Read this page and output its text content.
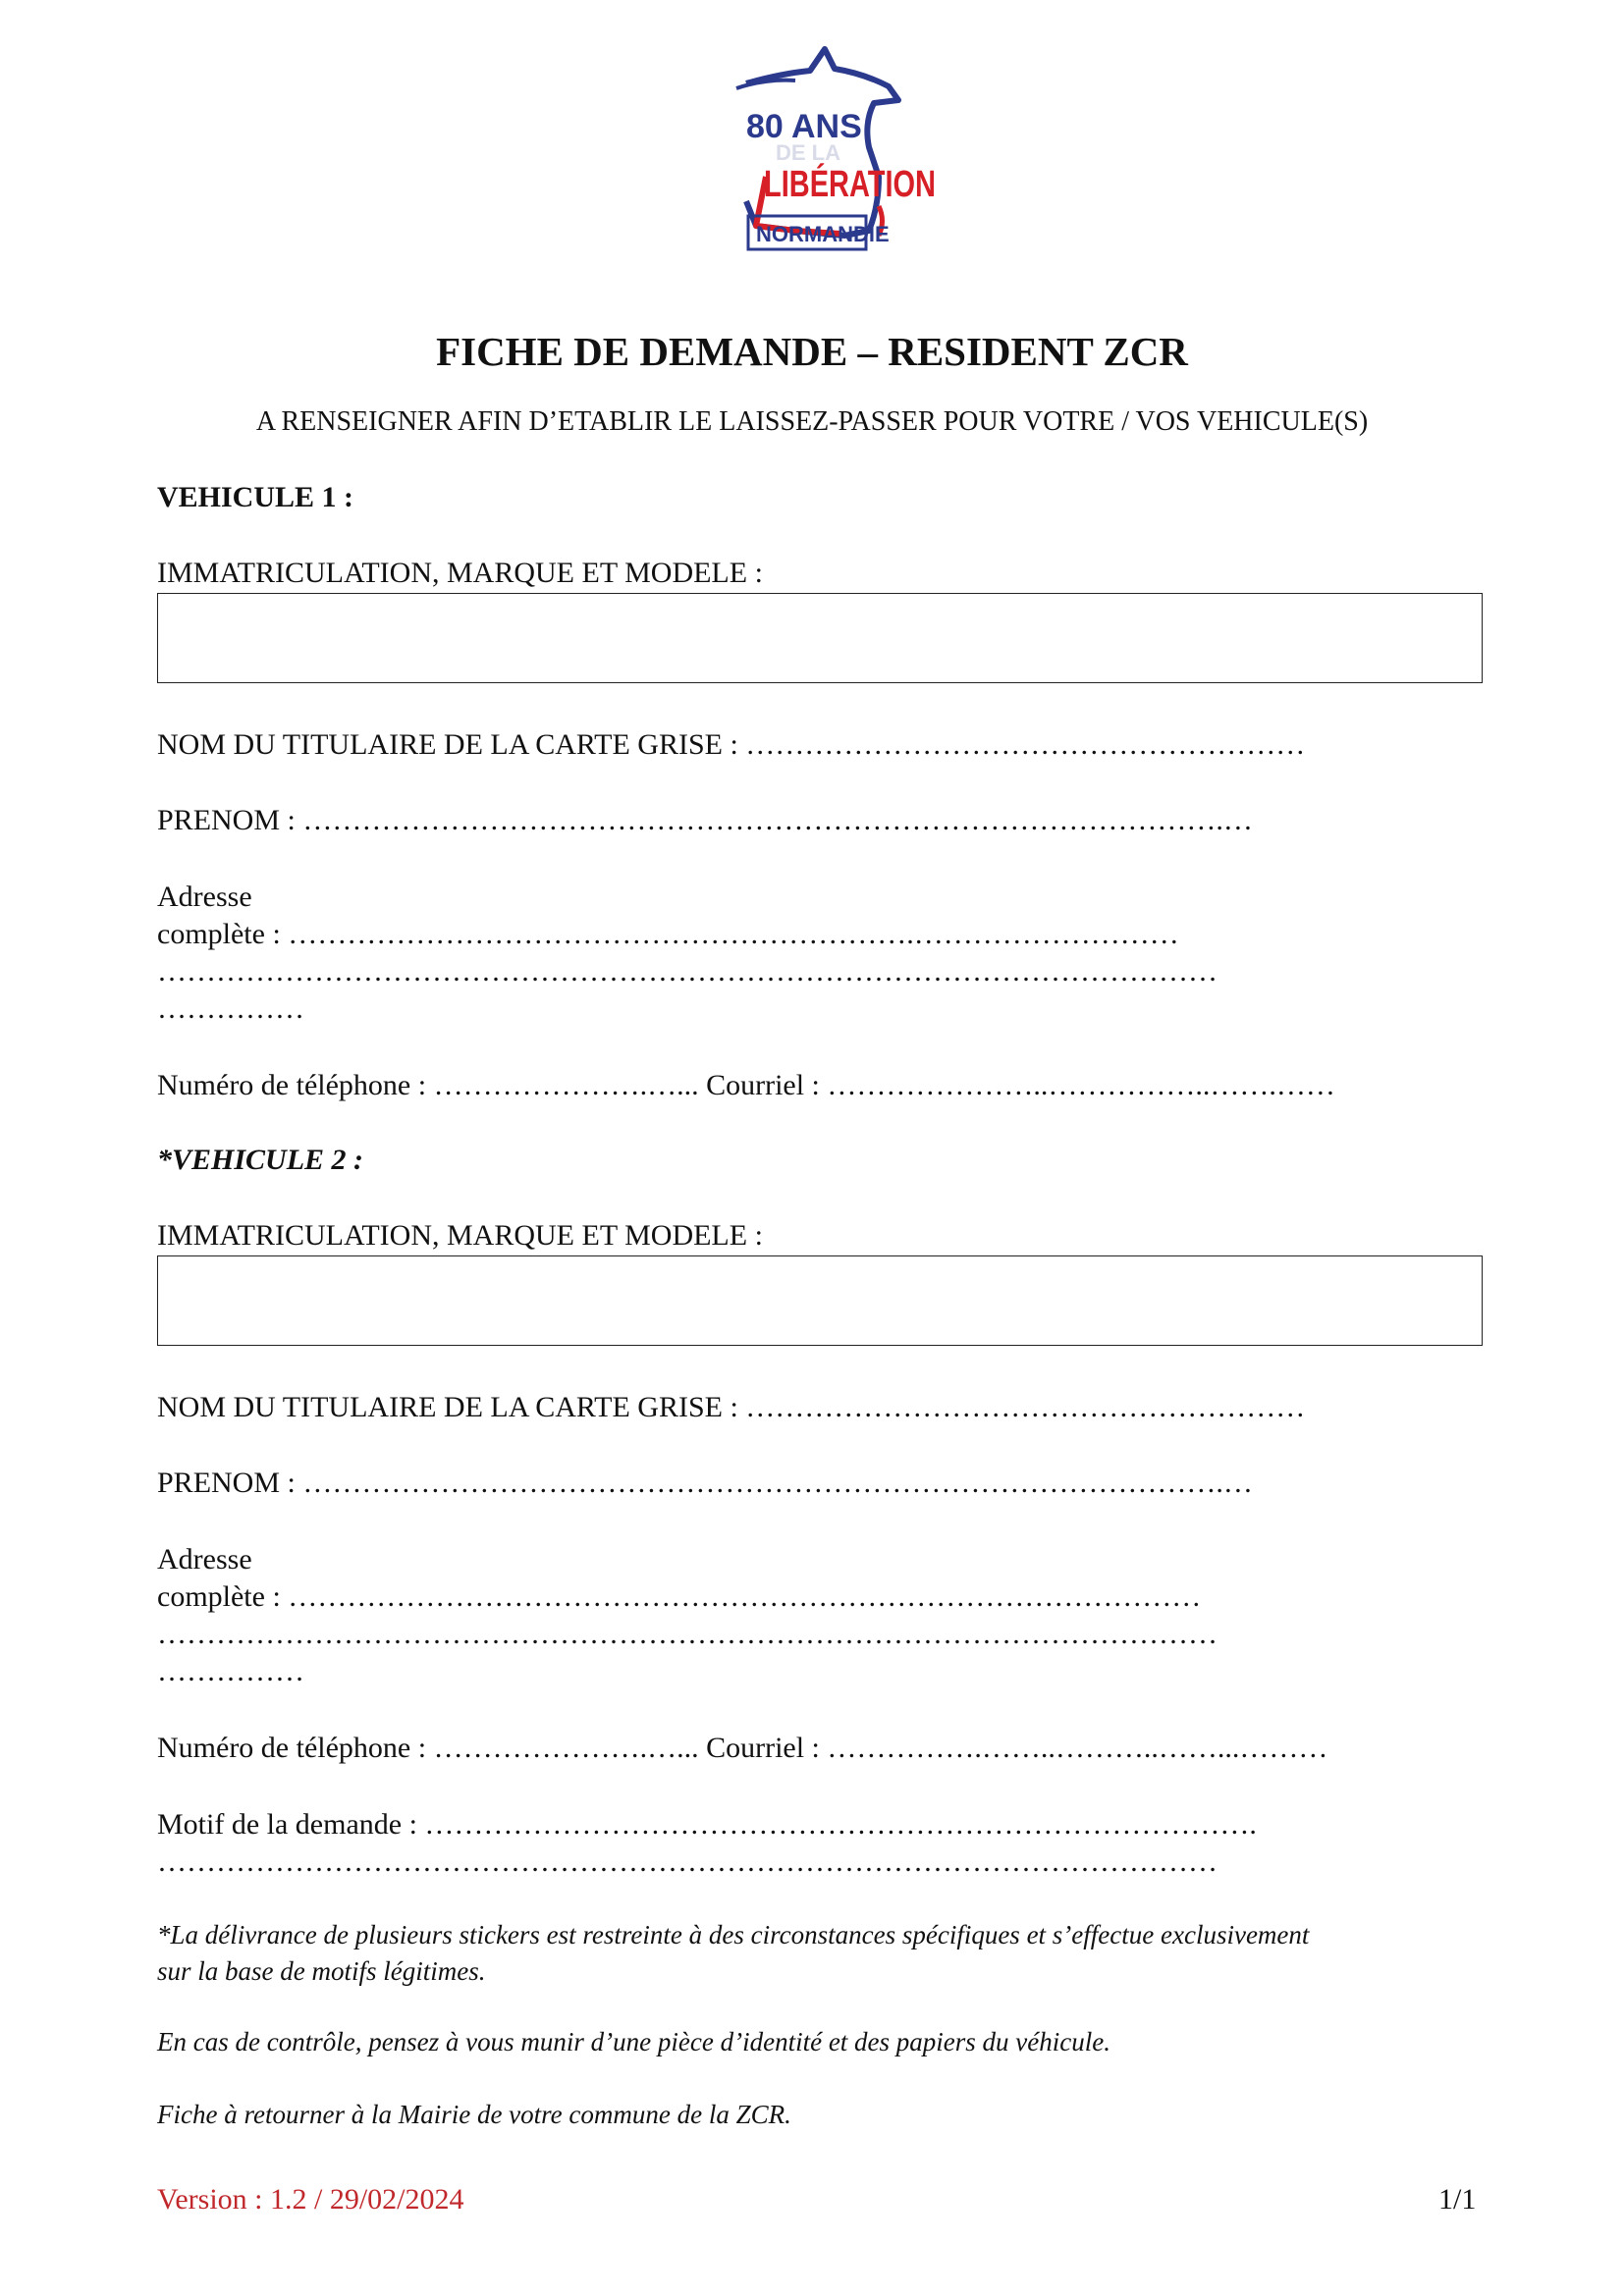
80 ANS
DE LA
LIBÉRATION
NORMANDIE
FICHE DE DEMANDE – RESIDENT ZCR
A RENSEIGNER AFIN D’ETABLIR LE LAISSEZ-PASSER POUR VOTRE / VOS VEHICULE(S)
VEHICULE 1 :
IMMATRICULATION, MARQUE ET MODELE :
NOM DU TITULAIRE DE LA CARTE GRISE : …………………………………………………
PRENOM : ………………………………………………………………………………….…
Adresse
complète : ……………………………………………………….………………………
………………………………………………………………………………………………
……………
Numéro de téléphone : ………………….…... Courriel : …………………..……………..…….……
*VEHICULE 2 :
IMMATRICULATION, MARQUE ET MODELE :
NOM DU TITULAIRE DE LA CARTE GRISE : …………………………………………………
PRENOM : ………………………………………………………………………………….…
Adresse
complète : …………………………………………………………………………………
………………………………………………………………………………………………
……………
Numéro de téléphone : ………………….…... Courriel : …………….……..………..……...………
Motif de la demande : ………………………………………………………………………….
………………………………………………………………………………………………
*La délivrance de plusieurs stickers est restreinte à des circonstances spécifiques et s’effectue exclusivement
sur la base de motifs légitimes.
En cas de contrôle, pensez à vous munir d’une pièce d’identité et des papiers du véhicule.
Fiche à retourner à la Mairie de votre commune de la ZCR.
Version : 1.2 / 29/02/2024	1/1
